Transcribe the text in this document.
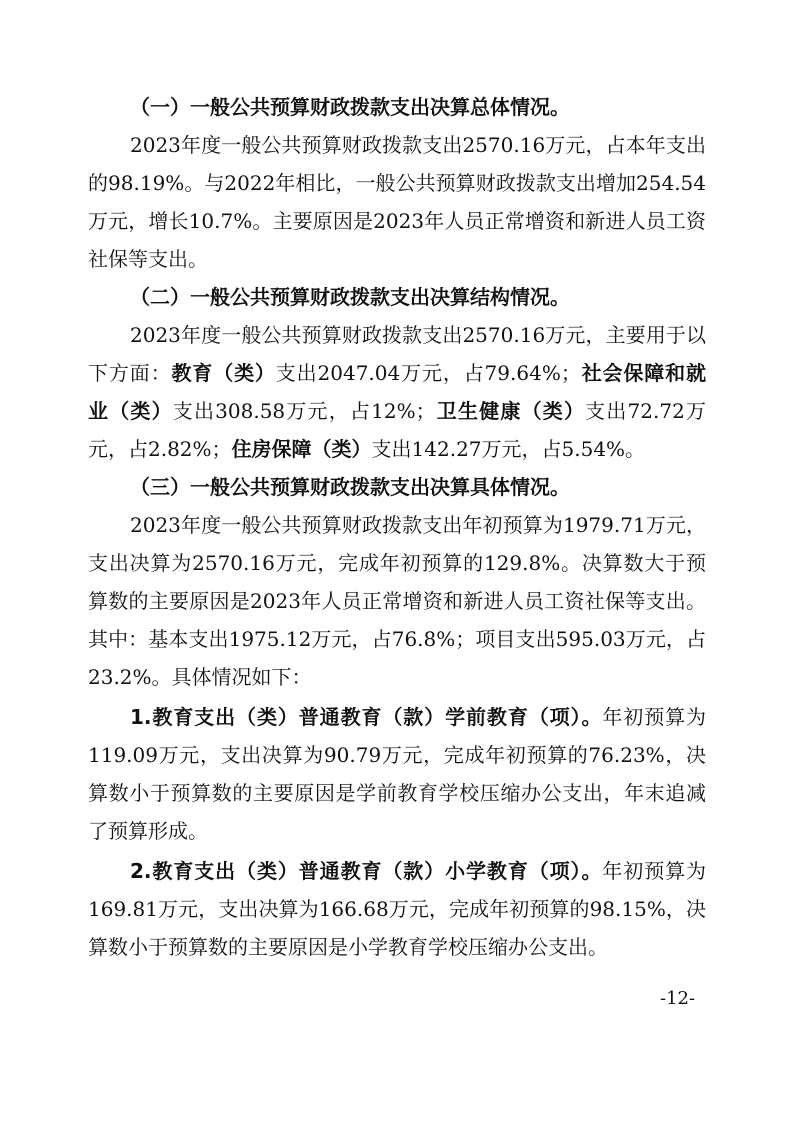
（一）一般公共预算财政拨款支出决算总体情况。

2023年度一般公共预算财政拨款支出2570.16万元，占本年支出的98.19%。与2022年相比，一般公共预算财政拨款支出增加254.54万元，增长10.7%。主要原因是2023年人员正常增资和新进人员工资社保等支出。

（二）一般公共预算财政拨款支出决算结构情况。

2023年度一般公共预算财政拨款支出2570.16万元，主要用于以下方面：教育（类）支出2047.04万元，占79.64%；社会保障和就业（类）支出308.58万元，占12%；卫生健康（类）支出72.72万元，占2.82%；住房保障（类）支出142.27万元，占5.54%。

（三）一般公共预算财政拨款支出决算具体情况。

2023年度一般公共预算财政拨款支出年初预算为1979.71万元，支出决算为2570.16万元，完成年初预算的129.8%。决算数大于预算数的主要原因是2023年人员正常增资和新进人员工资社保等支出。其中：基本支出1975.12万元，占76.8%；项目支出595.03万元，占23.2%。具体情况如下：

1.教育支出（类）普通教育（款）学前教育（项）。年初预算为119.09万元，支出决算为90.79万元，完成年初预算的76.23%，决算数小于预算数的主要原因是学前教育学校压缩办公支出，年末追减了预算形成。

2.教育支出（类）普通教育（款）小学教育（项）。年初预算为169.81万元，支出决算为166.68万元，完成年初预算的98.15%，决算数小于预算数的主要原因是小学教育学校压缩办公支出。

-12-
